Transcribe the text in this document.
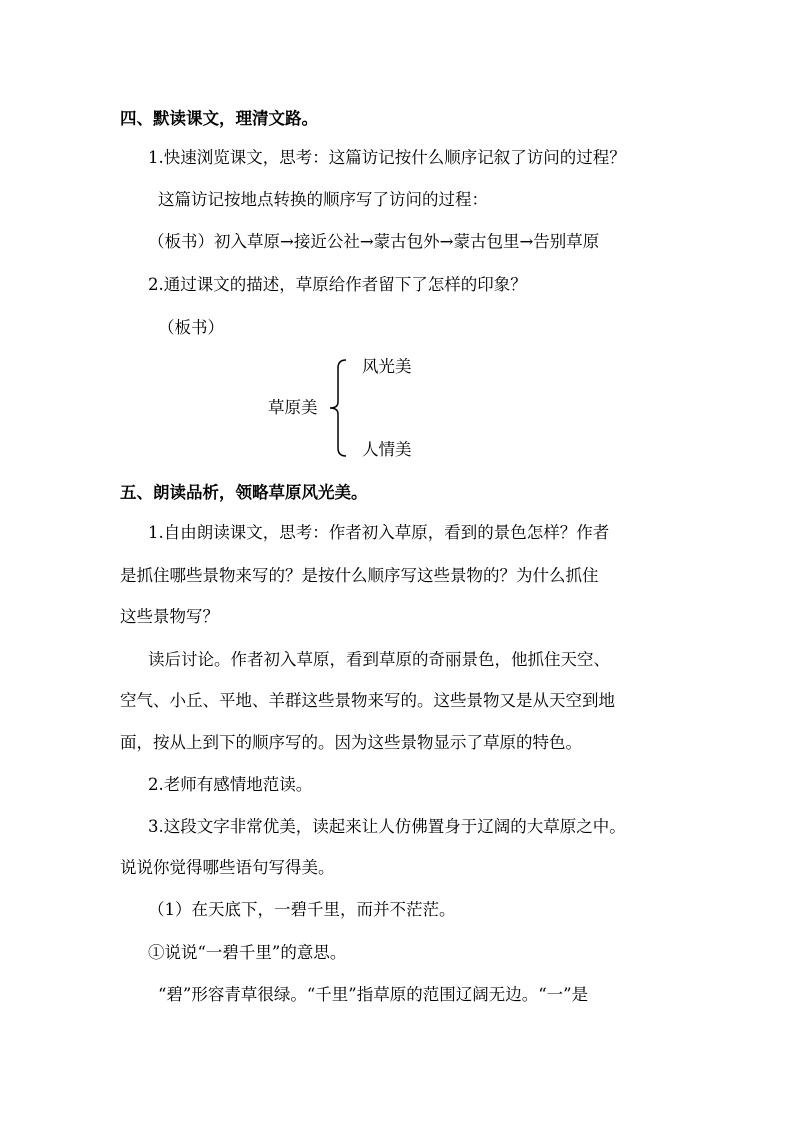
四、默读课文，理清文路。
1.快速浏览课文，思考：这篇访记按什么顺序记叙了访问的过程？
这篇访记按地点转换的顺序写了访问的过程：
（板书）初入草原→接近公社→蒙古包外→蒙古包里→告别草原
2.通过课文的描述，草原给作者留下了怎样的印象？
（板书）
草原美
风光美
人情美
五、朗读品析，领略草原风光美。
1.自由朗读课文，思考：作者初入草原，看到的景色怎样？作者
是抓住哪些景物来写的？是按什么顺序写这些景物的？为什么抓住
这些景物写？
读后讨论。作者初入草原，看到草原的奇丽景色，他抓住天空、
空气、小丘、平地、羊群这些景物来写的。这些景物又是从天空到地
面，按从上到下的顺序写的。因为这些景物显示了草原的特色。
2.老师有感情地范读。
3.这段文字非常优美，读起来让人仿佛置身于辽阔的大草原之中。
说说你觉得哪些语句写得美。
（1）在天底下，一碧千里，而并不茫茫。
①说说“一碧千里”的意思。
“碧”形容青草很绿。“千里”指草原的范围辽阔无边。“一”是
